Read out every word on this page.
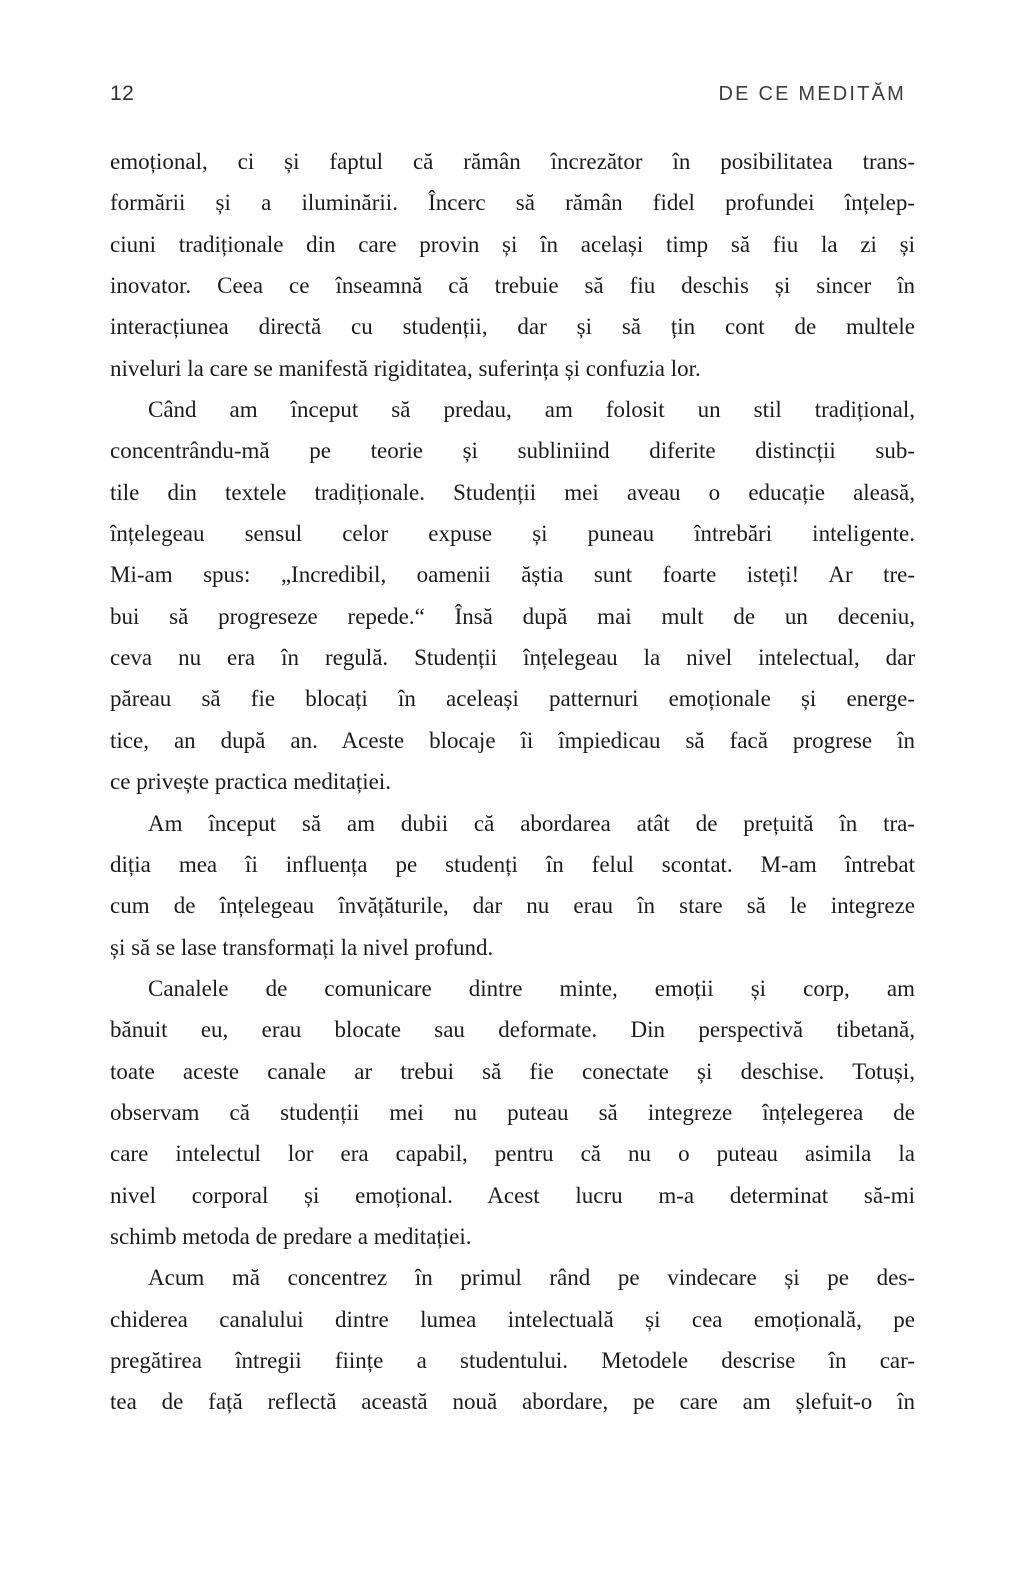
12	DE CE MEDITĂM
emoțional, ci și faptul că rămân încrezător în posibilitatea trans-
formării și a iluminării. Încerc să rămân fidel profundei înțelep-
ciuni tradiționale din care provin și în același timp să fiu la zi și
inovator. Ceea ce înseamnă că trebuie să fiu deschis și sincer în
interacțiunea directă cu studenții, dar și să țin cont de multele
niveluri la care se manifestă rigiditatea, suferința și confuzia lor.
Când am început să predau, am folosit un stil tradițional,
concentrându-mă pe teorie și subliniind diferite distincții sub-
tile din textele tradiționale. Studenții mei aveau o educație aleasă,
înțelegeau sensul celor expuse și puneau întrebări inteligente.
Mi-am spus: „Incredibil, oamenii ăștia sunt foarte isteți! Ar tre-
bui să progreseze repede.“ Însă după mai mult de un deceniu,
ceva nu era în regulă. Studenții înțelegeau la nivel intelectual, dar
păreau să fie blocați în aceleași patternuri emoționale și energe-
tice, an după an. Aceste blocaje îi împiedicau să facă progrese în
ce privește practica meditației.
Am început să am dubii că abordarea atât de prețuită în tra-
diția mea îi influența pe studenți în felul scontat. M-am întrebat
cum de înțelegeau învățăturile, dar nu erau în stare să le integreze
și să se lase transformați la nivel profund.
Canalele de comunicare dintre minte, emoții și corp, am
bănuit eu, erau blocate sau deformate. Din perspectivă tibetană,
toate aceste canale ar trebui să fie conectate și deschise. Totuși,
observam că studenții mei nu puteau să integreze înțelegerea de
care intelectul lor era capabil, pentru că nu o puteau asimila la
nivel corporal și emoțional. Acest lucru m-a determinat să-mi
schimb metoda de predare a meditației.
Acum mă concentrez în primul rând pe vindecare și pe des-
chiderea canalului dintre lumea intelectuală și cea emoțională, pe
pregătirea întregii ființe a studentului. Metodele descrise în car-
tea de față reflectă această nouă abordare, pe care am șlefuit-o în
